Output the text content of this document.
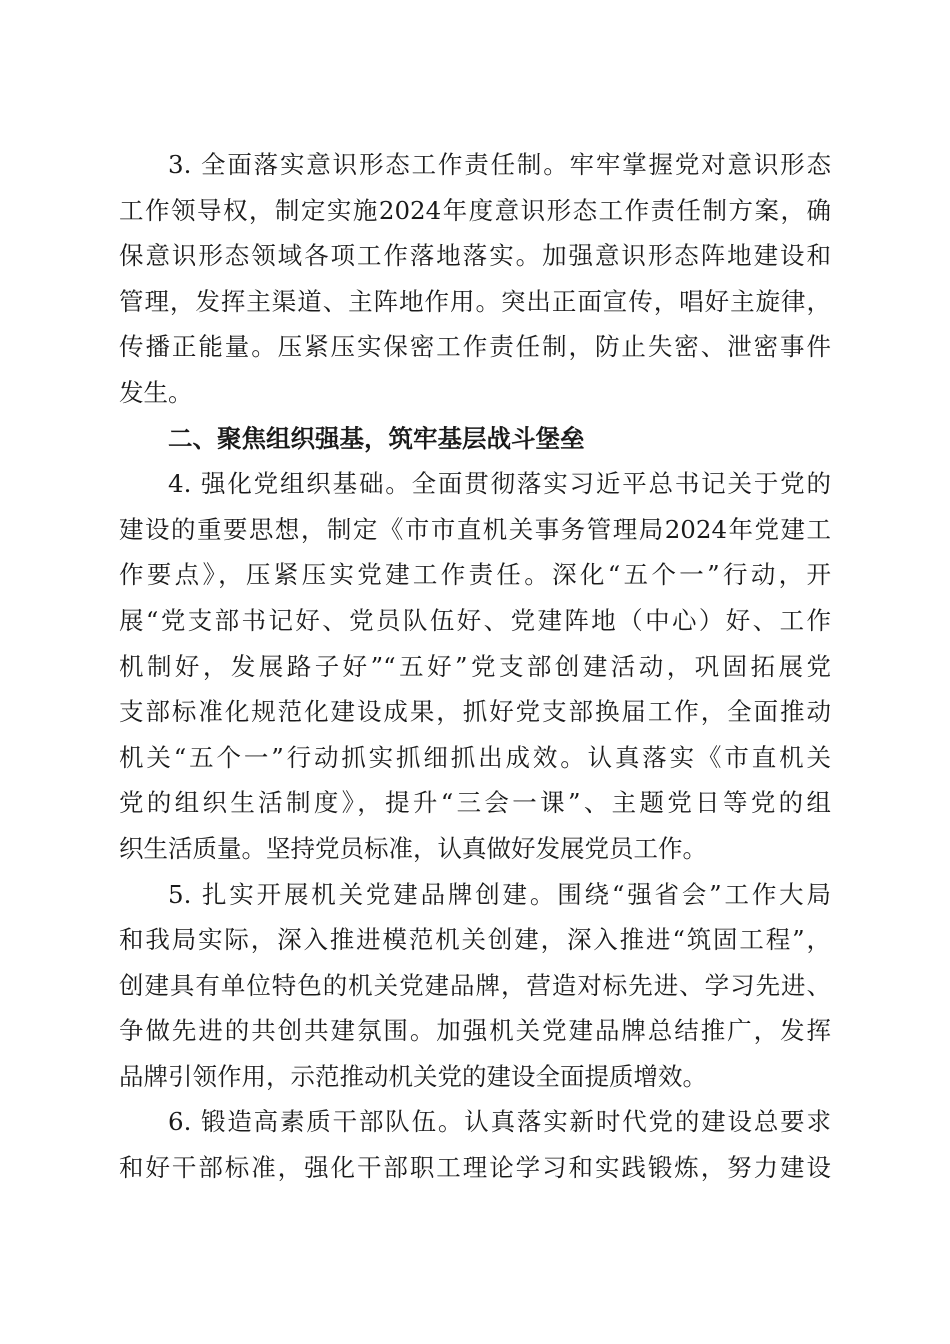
3. 全面落实意识形态工作责任制。牢牢掌握党对意识形态
工作领导权，制定实施2024年度意识形态工作责任制方案，确
保意识形态领域各项工作落地落实。加强意识形态阵地建设和
管理，发挥主渠道、主阵地作用。突出正面宣传，唱好主旋律，
传播正能量。压紧压实保密工作责任制，防止失密、泄密事件
发生。
二、聚焦组织强基，筑牢基层战斗堡垒
4. 强化党组织基础。全面贯彻落实习近平总书记关于党的
建设的重要思想，制定《市市直机关事务管理局2024年党建工
作要点》，压紧压实党建工作责任。深化“五个一”行动，开
展“党支部书记好、党员队伍好、党建阵地（中心）好、工作
机制好，发展路子好”“五好”党支部创建活动，巩固拓展党
支部标准化规范化建设成果，抓好党支部换届工作，全面推动
机关“五个一”行动抓实抓细抓出成效。认真落实《市直机关
党的组织生活制度》，提升“三会一课”、主题党日等党的组
织生活质量。坚持党员标准，认真做好发展党员工作。
5. 扎实开展机关党建品牌创建。围绕“强省会”工作大局
和我局实际，深入推进模范机关创建，深入推进“筑固工程”，
创建具有单位特色的机关党建品牌，营造对标先进、学习先进、
争做先进的共创共建氛围。加强机关党建品牌总结推广，发挥
品牌引领作用，示范推动机关党的建设全面提质增效。
6. 锻造高素质干部队伍。认真落实新时代党的建设总要求
和好干部标准，强化干部职工理论学习和实践锻炼，努力建设
